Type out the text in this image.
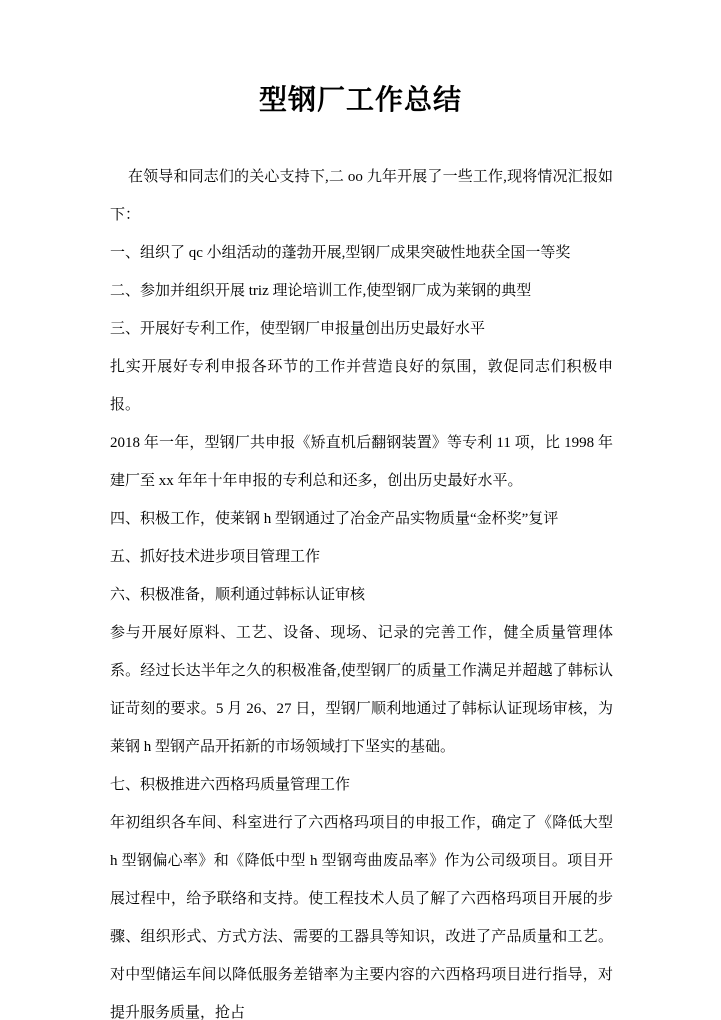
型钢厂工作总结

在领导和同志们的关心支持下,二 oo 九年开展了一些工作,现将情况汇报如下：

一、组织了 qc 小组活动的蓬勃开展,型钢厂成果突破性地获全国一等奖

二、参加并组织开展 triz 理论培训工作,使型钢厂成为莱钢的典型

三、开展好专利工作，使型钢厂申报量创出历史最好水平

扎实开展好专利申报各环节的工作并营造良好的氛围，敦促同志们积极申报。

2018 年一年，型钢厂共申报《矫直机后翻钢装置》等专利 11 项，比 1998 年建厂至 xx 年年十年申报的专利总和还多，创出历史最好水平。

四、积极工作，使莱钢 h 型钢通过了冶金产品实物质量“金杯奖”复评

五、抓好技术进步项目管理工作

六、积极准备，顺利通过韩标认证审核

参与开展好原料、工艺、设备、现场、记录的完善工作，健全质量管理体系。经过长达半年之久的积极准备,使型钢厂的质量工作满足并超越了韩标认证苛刻的要求。5 月 26、27 日，型钢厂顺利地通过了韩标认证现场审核，为莱钢 h 型钢产品开拓新的市场领域打下坚实的基础。

七、积极推进六西格玛质量管理工作

年初组织各车间、科室进行了六西格玛项目的申报工作，确定了《降低大型 h 型钢偏心率》和《降低中型 h 型钢弯曲废品率》作为公司级项目。项目开展过程中，给予联络和支持。使工程技术人员了解了六西格玛项目开展的步骤、组织形式、方式方法、需要的工器具等知识，改进了产品质量和工艺。对中型储运车间以降低服务差错率为主要内容的六西格玛项目进行指导，对提升服务质量，抢占
